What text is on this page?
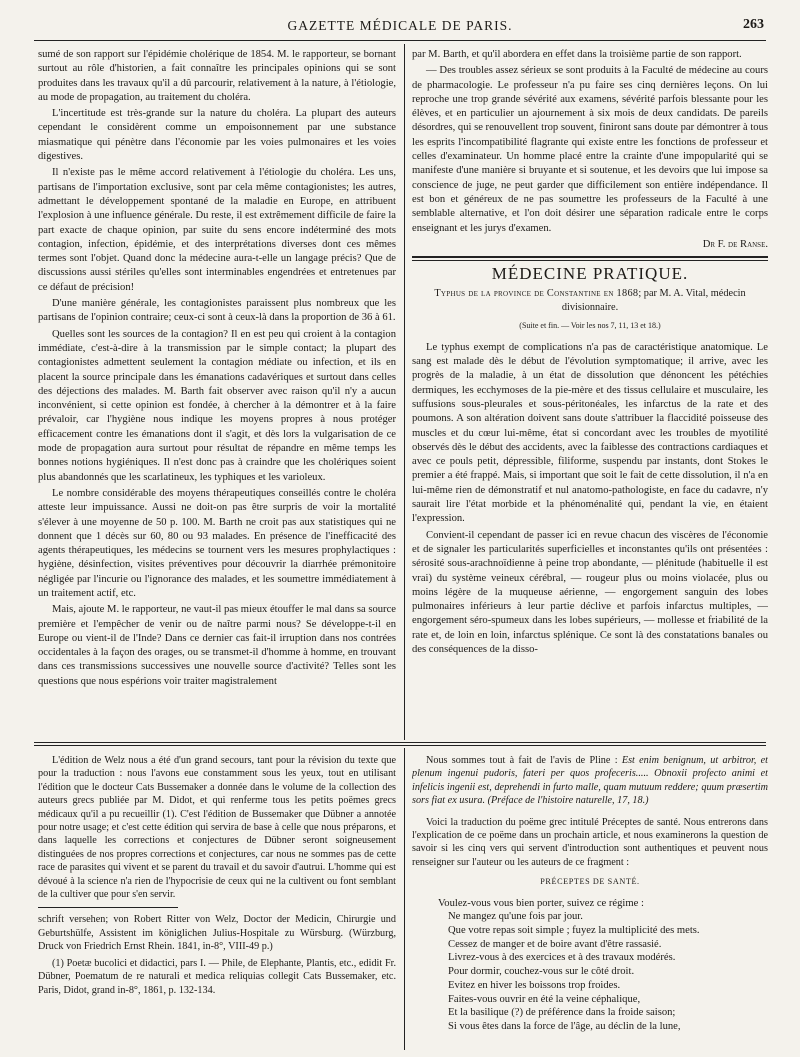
GAZETTE MÉDICALE DE PARIS.	263

sumé de son rapport sur l'épidémie cholérique de 1854. M. le rapporteur, se bornant surtout au rôle d'historien, a fait connaître les principales opinions qui se sont produites dans les travaux qu'il a dû parcourir, relativement à la nature, à l'étiologie, au mode de propagation, au traitement du choléra.

L'incertitude est très-grande sur la nature du choléra. La plupart des auteurs cependant le considèrent comme un empoisonnement par une substance miasmatique qui pénètre dans l'économie par les voies pulmonaires et les voies digestives.

Il n'existe pas le même accord relativement à l'étiologie du choléra. Les uns, partisans de l'importation exclusive, sont par cela même contagionistes; les autres, admettant le développement spontané de la maladie en Europe, en attribuent l'explosion à une influence générale. Du reste, il est extrêmement difficile de faire la part exacte de chaque opinion, par suite du sens encore indéterminé des mots contagion, infection, épidémie, et des interprétations diverses dont ces mêmes termes sont l'objet. Quand donc la médecine aura-t-elle un langage précis? Que de discussions aussi stériles qu'elles sont interminables engendrées et entretenues par ce défaut de précision!

D'une manière générale, les contagionistes paraissent plus nombreux que les partisans de l'opinion contraire; ceux-ci sont à ceux-là dans la proportion de 36 à 61.

Quelles sont les sources de la contagion? Il en est peu qui croient à la contagion immédiate, c'est-à-dire à la transmission par le simple contact; la plupart des contagionistes admettent seulement la contagion médiate ou infection, et ils en placent la source principale dans les émanations cadavériques et surtout dans celles des déjections des malades. M. Barth fait observer avec raison qu'il n'y a aucun inconvénient, si cette opinion est fondée, à chercher à la démontrer et à la faire prévaloir, car l'hygiène nous indique les moyens propres à nous protéger efficacement contre les émanations dont il s'agit, et dès lors la vulgarisation de ce mode de propagation aura surtout pour résultat de répandre en même temps les bonnes notions hygiéniques. Il n'est donc pas à craindre que les cholériques soient plus abandonnés que les scarlatineux, les typhiques et les varioleux.

Le nombre considérable des moyens thérapeutiques conseillés contre le choléra atteste leur impuissance. Aussi ne doit-on pas être surpris de voir la mortalité s'élever à une moyenne de 50 p. 100. M. Barth ne croit pas aux statistiques qui ne donnent que 1 décès sur 60, 80 ou 93 malades. En présence de l'inefficacité des agents thérapeutiques, les médecins se tournent vers les mesures prophylactiques : hygiène, désinfection, visites préventives pour découvrir la diarrhée prémonitoire négligée par l'incurie ou l'ignorance des malades, et les soumettre immédiatement à un traitement actif, etc.

Mais, ajoute M. le rapporteur, ne vaut-il pas mieux étouffer le mal dans sa source première et l'empêcher de venir ou de naître parmi nous? Se développe-t-il en Europe ou vient-il de l'Inde? Dans ce dernier cas fait-il irruption dans nos contrées occidentales à la façon des orages, ou se transmet-il d'homme à homme, en trouvant dans ces transmissions successives une nouvelle source d'activité? Telles sont les questions que nous espérions voir traiter magistralement

par M. Barth, et qu'il abordera en effet dans la troisième partie de son rapport.

— Des troubles assez sérieux se sont produits à la Faculté de médecine au cours de pharmacologie. Le professeur n'a pu faire ses cinq dernières leçons. On lui reproche une trop grande sévérité aux examens, sévérité parfois blessante pour les élèves, et en particulier un ajournement à six mois de deux candidats. De pareils désordres, qui se renouvellent trop souvent, finiront sans doute par démontrer à tous les esprits l'incompatibilité flagrante qui existe entre les fonctions de professeur et celles d'examinateur. Un homme placé entre la crainte d'une impopularité qui se manifeste d'une manière si bruyante et si soutenue, et les devoirs que lui impose sa conscience de juge, ne peut garder que difficilement son entière indépendance. Il est bon et généreux de ne pas soumettre les professeurs de la Faculté à une semblable alternative, et l'on doit désirer une séparation radicale entre le corps enseignant et les jurys d'examen.

Dr F. de Ranse.
MÉDECINE PRATIQUE.
Typhus de la province de Constantine en 1868; par M. A. Vital, médecin divisionnaire.
(Suite et fin. — Voir les nos 7, 11, 13 et 18.)

Le typhus exempt de complications n'a pas de caractéristique anatomique. Le sang est malade dès le début de l'évolution symptomatique; il arrive, avec les progrès de la maladie, à un état de dissolution que dénoncent les pétéchies dermiques, les ecchymoses de la pie-mère et des tissus cellulaire et musculaire, les suffusions sous-pleurales et sous-péritonéales, les infarctus de la rate et des poumons. A son altération doivent sans doute s'attribuer la flaccidité poisseuse des muscles et du cœur lui-même, état si concordant avec les troubles de myotilité observés dès le début des accidents, avec la faiblesse des contractions cardiaques et avec ce pouls petit, dépressible, filiforme, suspendu par instants, dont Stokes le premier a été frappé. Mais, si important que soit le fait de cette dissolution, il n'a en lui-même rien de démonstratif et nul anatomo-pathologiste, en face du cadavre, n'y saurait lire l'état morbide et la phénoménalité qui, pendant la vie, en étaient l'expression.

Convient-il cependant de passer ici en revue chacun des viscères de l'économie et de signaler les particularités superficielles et inconstantes qu'ils ont présentées : sérosité sous-arachnoïdienne à peine trop abondante, — plénitude (habituelle il est vrai) du système veineux cérébral, — rougeur plus ou moins violacée, plus ou moins légère de la muqueuse aérienne, — engorgement sanguin des lobes pulmonaires inférieurs à leur partie déclive et parfois infarctus multiples, — engorgement séro-spumeux dans les lobes supérieurs, — mollesse et friabilité de la rate et, de loin en loin, infarctus splénique. Ce sont là des constatations banales ou des conséquences de la disso-

L'édition de Welz nous a été d'un grand secours, tant pour la révision du texte que pour la traduction : nous l'avons eue constamment sous les yeux, tout en utilisant l'édition que le docteur Cats Bussemaker a donnée dans le volume de la collection des auteurs grecs publiée par M. Didot, et qui renferme tous les petits poëmes grecs médicaux qu'il a pu recueillir (1). C'est l'édition de Bussemaker que Dübner a annotée pour notre usage; et c'est cette édition qui servira de base à celle que nous préparons, et dans laquelle les corrections et conjectures de Dübner seront soigneusement distinguées de nos propres corrections et conjectures, car nous ne sommes pas de cette race de parasites qui vivent et se parent du travail et du savoir d'autrui. L'homme qui est dévoué à la science n'a rien de l'hypocrisie de ceux qui ne la cultivent ou font semblant de la cultiver que pour s'en servir.

schrift versehen; von Robert Ritter von Welz, Doctor der Medicin, Chirurgie und Geburtshülfe, Assistent im königlichen Julius-Hospitale zu Würsburg. (Würzburg, Druck von Friedrich Ernst Rhein. 1841, in-8°, VIII-49 p.)

(1) Poetæ bucolici et didactici, pars I. — Phile, de Elephante, Plantis, etc., edidit Fr. Dübner, Poematum de re naturali et medica reliquias collegit Cats Bussemaker, etc. Paris, Didot, grand in-8°, 1861, p. 132-134.

Nous sommes tout à fait de l'avis de Pline : Est enim benignum, ut arbitror, et plenum ingenui pudoris, fateri per quos profeceris..... Obnoxii profecto animi et infelicis ingenii est, deprehendi in furto malle, quam mutuum reddere; quum præsertim sors fiat ex usura. (Préface de l'histoire naturelle, 17, 18.)

Voici la traduction du poëme grec intitulé Préceptes de santé. Nous entrerons dans l'explication de ce poëme dans un prochain article, et nous examinerons la question de savoir si les cinq vers qui servent d'introduction sont authentiques et peuvent nous renseigner sur l'auteur ou les auteurs de ce fragment :

PRÉCEPTES DE SANTÉ.
Voulez-vous vous bien porter, suivez ce régime :
Ne mangez qu'une fois par jour.
Que votre repas soit simple ; fuyez la multiplicité des mets.
Cessez de manger et de boire avant d'être rassasié.
Livrez-vous à des exercices et à des travaux modérés.
Pour dormir, couchez-vous sur le côté droit.
Evitez en hiver les boissons trop froides.
Faites-vous ouvrir en été la veine céphalique,
Et la basilique (?) de préférence dans la froide saison;
Si vous êtes dans la force de l'âge, au déclin de la lune,
